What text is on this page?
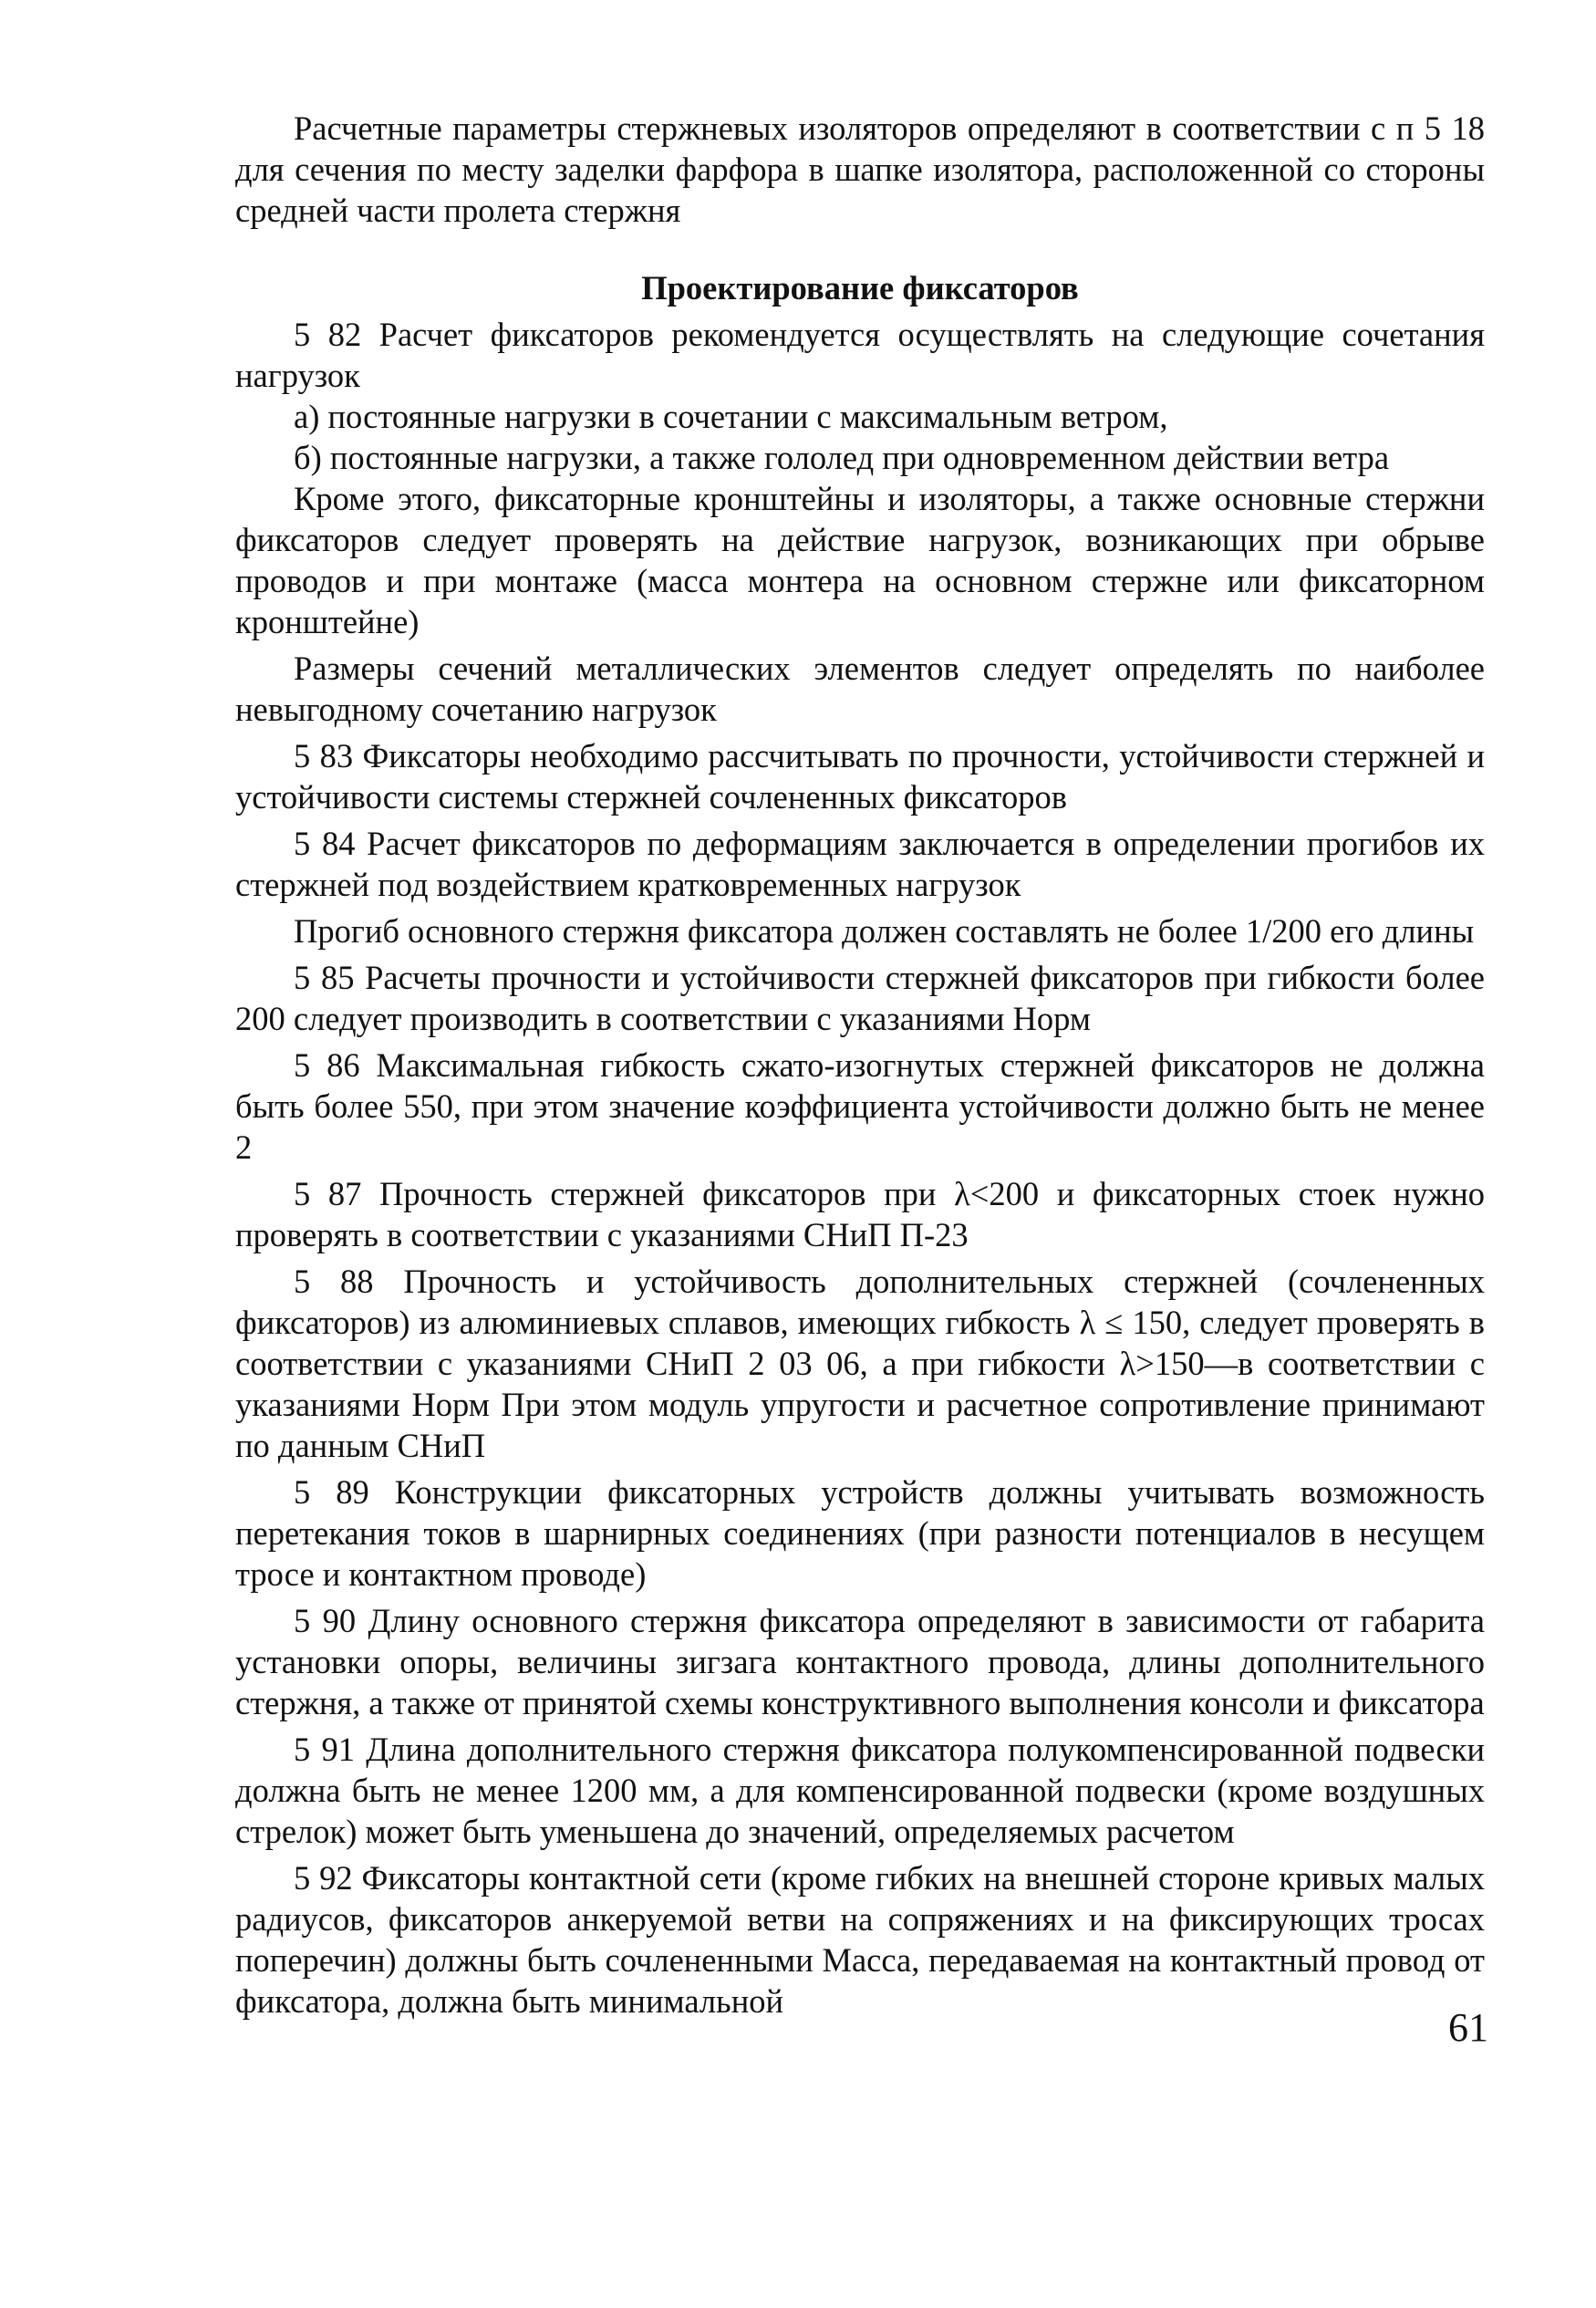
Расчетные параметры стержневых изоляторов определяют в соответствии с п 5 18 для сечения по месту заделки фарфора в шапке изолятора, расположенной со стороны средней части пролета стержня

Проектирование фиксаторов

5 82 Расчет фиксаторов рекомендуется осуществлять на следующие сочетания нагрузок

а) постоянные нагрузки в сочетании с максимальным ветром,

б) постоянные нагрузки, а также гололед при одновременном действии ветра

Кроме этого, фиксаторные кронштейны и изоляторы, а также основные стержни фиксаторов следует проверять на действие нагрузок, возникающих при обрыве проводов и при монтаже (масса монтера на основном стержне или фиксаторном кронштейне)

Размеры сечений металлических элементов следует определять по наиболее невыгодному сочетанию нагрузок

5 83 Фиксаторы необходимо рассчитывать по прочности, устойчивости стержней и устойчивости системы стержней сочлененных фиксаторов

5 84 Расчет фиксаторов по деформациям заключается в определении прогибов их стержней под воздействием кратковременных нагрузок

Прогиб основного стержня фиксатора должен составлять не более 1/200 его длины

5 85 Расчеты прочности и устойчивости стержней фиксаторов при гибкости более 200 следует производить в соответствии с указаниями Норм

5 86 Максимальная гибкость сжато-изогнутых стержней фиксаторов не должна быть более 550, при этом значение коэффициента устойчивости должно быть не менее 2

5 87 Прочность стержней фиксаторов при λ<200 и фиксаторных стоек нужно проверять в соответствии с указаниями СНиП П-23

5 88 Прочность и устойчивость дополнительных стержней (сочлененных фиксаторов) из алюминиевых сплавов, имеющих гибкость λ ≤ 150, следует проверять в соответствии с указаниями СНиП 2 03 06, а при гибкости λ>150—в соответствии с указаниями Норм При этом модуль упругости и расчетное сопротивление принимают по данным СНиП

5 89 Конструкции фиксаторных устройств должны учитывать возможность перетекания токов в шарнирных соединениях (при разности потенциалов в несущем тросе и контактном проводе)

5 90 Длину основного стержня фиксатора определяют в зависимости от габарита установки опоры, величины зигзага контактного провода, длины дополнительного стержня, а также от принятой схемы конструктивного выполнения консоли и фиксатора

5 91 Длина дополнительного стержня фиксатора полукомпенсированной подвески должна быть не менее 1200 мм, а для компенсированной подвески (кроме воздушных стрелок) может быть уменьшена до значений, определяемых расчетом

5 92 Фиксаторы контактной сети (кроме гибких на внешней стороне кривых малых радиусов, фиксаторов анкеруемой ветви на сопряжениях и на фиксирующих тросах поперечин) должны быть сочлененными Масса, передаваемая на контактный провод от фиксатора, должна быть минимальной

61
